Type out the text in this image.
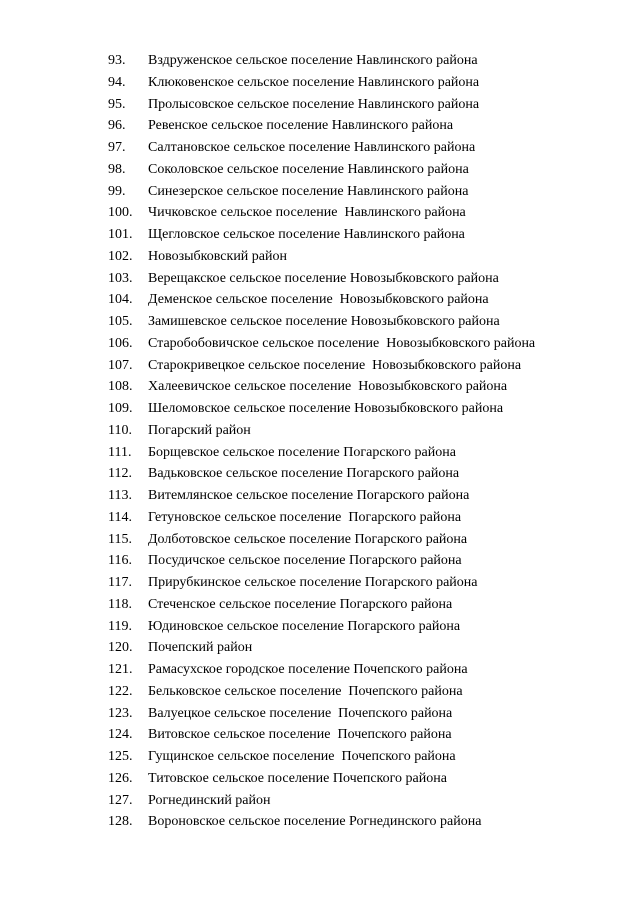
93. Вздруженское сельское поселение Навлинского района
94. Клюковенское сельское поселение Навлинского района
95. Пролысовское сельское поселение Навлинского района
96. Ревенское сельское поселение Навлинского района
97. Салтановское сельское поселение Навлинского района
98. Соколовское сельское поселение Навлинского района
99. Синезерское сельское поселение Навлинского района
100. Чичковское сельское поселение  Навлинского района
101. Щегловское сельское поселение Навлинского района
102. Новозыбковский район
103. Верещакское сельское поселение Новозыбковского района
104. Деменское сельское поселение  Новозыбковского района
105. Замишевское сельское поселение Новозыбковского района
106. Старобобовичское сельское поселение  Новозыбковского района
107. Старокривецкое сельское поселение  Новозыбковского района
108. Халеевичское сельское поселение  Новозыбковского района
109. Шеломовское сельское поселение Новозыбковского района
110. Погарский район
111. Борщевское сельское поселение Погарского района
112. Вадьковское сельское поселение Погарского района
113. Витемлянское сельское поселение Погарского района
114. Гетуновское сельское поселение  Погарского района
115. Долботовское сельское поселение Погарского района
116. Посудичское сельское поселение Погарского района
117. Прирубкинское сельское поселение Погарского района
118. Стеченское сельское поселение Погарского района
119. Юдиновское сельское поселение Погарского района
120. Почепский район
121. Рамасухское городское поселение Почепского района
122. Бельковское сельское поселение  Почепского района
123. Валуецкое сельское поселение  Почепского района
124. Витовское сельское поселение  Почепского района
125. Гущинское сельское поселение  Почепского района
126. Титовское сельское поселение Почепского района
127. Рогнединский район
128. Вороновское сельское поселение Рогнединского района
